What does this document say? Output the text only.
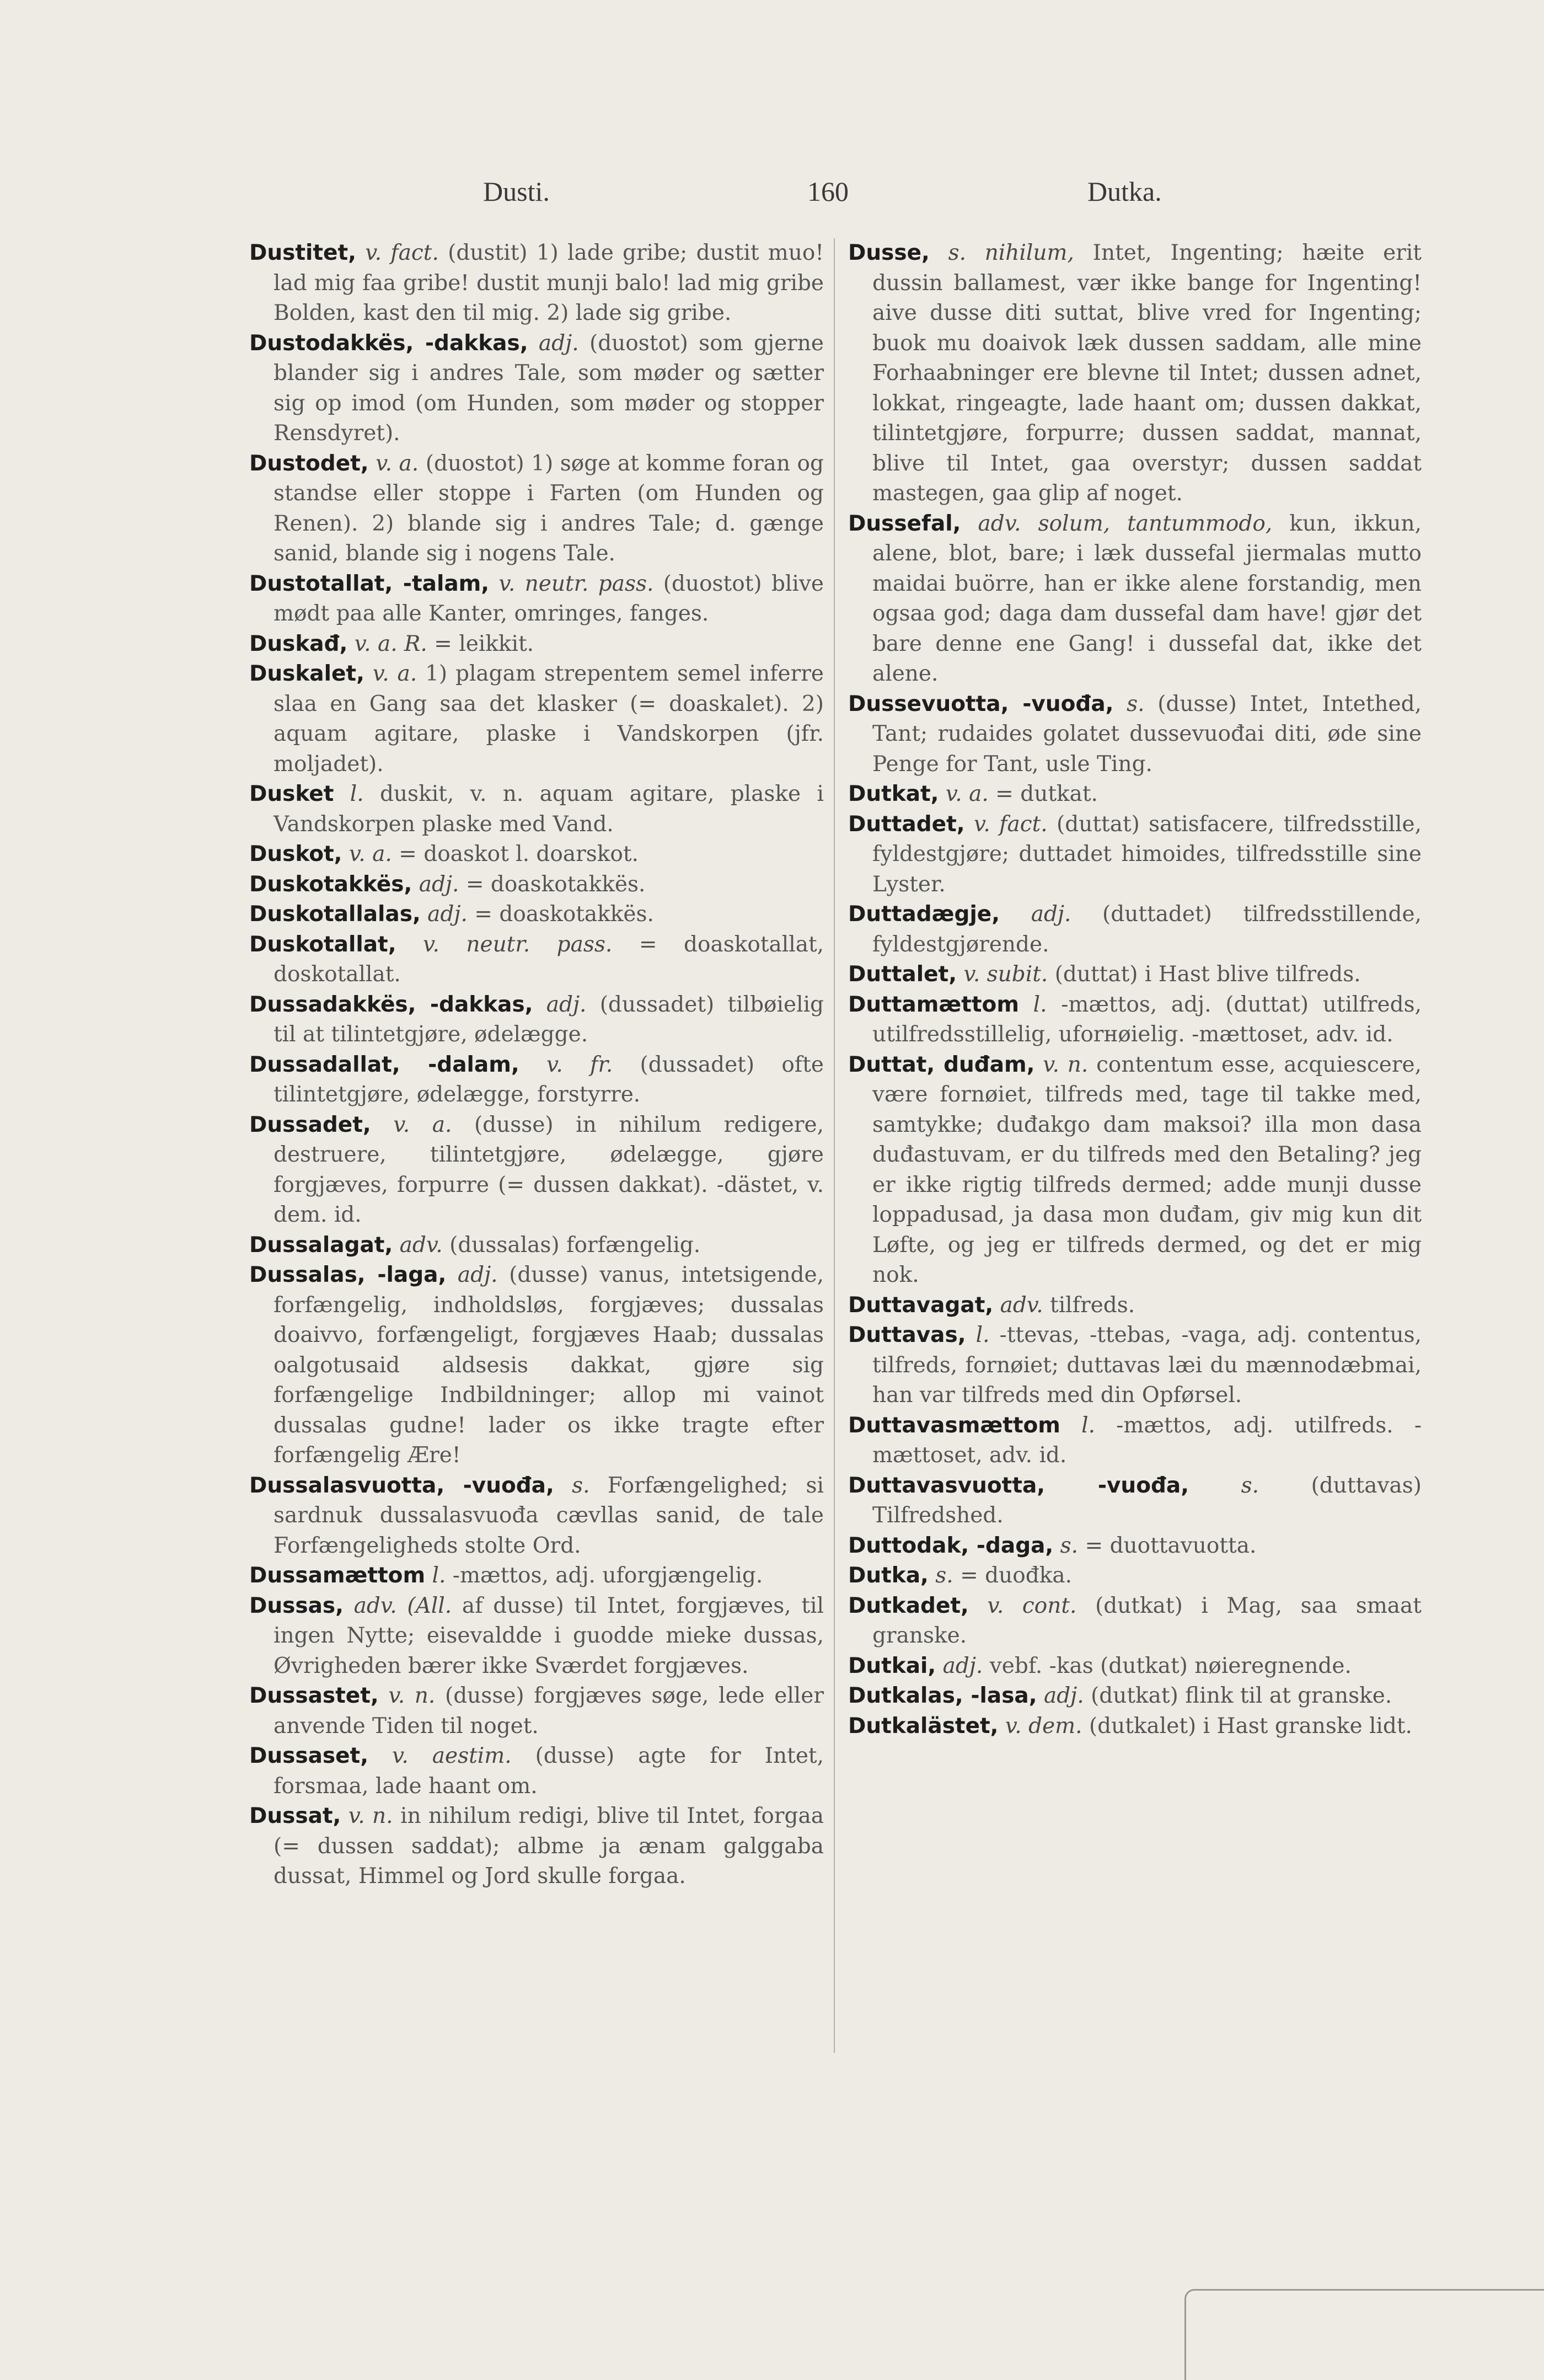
Dusti.	160	Dutka.

Dustitet, v. fact. (dustit) 1) lade gribe; dustit muo! lad mig faa gribe! dustit munji balo! lad mig gribe Bolden, kast den til mig. 2) lade sig gribe.

Dustodakkës, -dakkas, adj. (duostot) som gjerne blander sig i andres Tale, som møder og sætter sig op imod (om Hunden, som møder og stopper Rensdyret).

Dustodet, v. a. (duostot) 1) søge at komme foran og standse eller stoppe i Farten (om Hunden og Renen). 2) blande sig i andres Tale; d. gænge sanid, blande sig i nogens Tale.

Dustotallat, -talam, v. neutr. pass. (duostot) blive mødt paa alle Kanter, omringes, fanges.

Duskađ, v. a. R. = leikkit.

Duskalet, v. a. 1) plagam strepentem semel inferre slaa en Gang saa det klasker (= doaskalet). 2) aquam agitare, plaske i Vandskorpen (jfr. moljadet).

Dusket l. duskit, v. n. aquam agitare, plaske i Vandskorpen plaske med Vand.

Duskot, v. a. = doaskot l. doarskot.

Duskotakkës, adj. = doaskotakkës.

Duskotallalas, adj. = doaskotakkës.

Duskotallat, v. neutr. pass. = doaskotallat, doskotallat.

Dussadakkës, -dakkas, adj. (dussadet) tilbøielig til at tilintetgjøre, ødelægge.

Dussadallat, -dalam, v. fr. (dussadet) ofte tilintetgjøre, ødelægge, forstyrre.

Dussadet, v. a. (dusse) in nihilum redigere, destruere, tilintetgjøre, ødelægge, gjøre forgjæves, forpurre (= dussen dakkat). -dästet, v. dem. id.

Dussalagat, adv. (dussalas) forfængelig.

Dussalas, -laga, adj. (dusse) vanus, intetsigende, forfængelig, indholdsløs, forgjæves; dussalas doaivvo, forfængeligt, forgjæves Haab; dussalas oalgotusaid aldsesis dakkat, gjøre sig forfængelige Indbildninger; allop mi vainot dussalas gudne! lader os ikke tragte efter forfængelig Ære!

Dussalasvuotta, -vuođa, s. Forfængelighed; si sardnuk dussalasvuođa cævllas sanid, de tale Forfængeligheds stolte Ord.

Dussamættom l. -mættos, adj. uforgjængelig.

Dussas, adv. (All. af dusse) til Intet, forgjæves, til ingen Nytte; eisevaldde i guodde mieke dussas, Øvrigheden bærer ikke Sværdet forgjæves.

Dussastet, v. n. (dusse) forgjæves søge, lede eller anvende Tiden til noget.

Dussaset, v. aestim. (dusse) agte for Intet, forsmaa, lade haant om.

Dussat, v. n. in nihilum redigi, blive til Intet, forgaa (= dussen saddat); albme ja ænam galggaba dussat, Himmel og Jord skulle forgaa.

Dusse, s. nihilum, Intet, Ingenting; hæite erit dussin ballamest, vær ikke bange for Ingenting! aive dusse diti suttat, blive vred for Ingenting; buok mu doaivok læk dussen saddam, alle mine Forhaabninger ere blevne til Intet; dussen adnet, lokkat, ringeagte, lade haant om; dussen dakkat, tilintetgjøre, forpurre; dussen saddat, mannat, blive til Intet, gaa overstyr; dussen saddat mastegen, gaa glip af noget.

Dussefal, adv. solum, tantummodo, kun, ikkun, alene, blot, bare; i læk dussefal jiermalas mutto maidai buörre, han er ikke alene forstandig, men ogsaa god; daga dam dussefal dam have! gjør det bare denne ene Gang! i dussefal dat, ikke det alene.

Dussevuotta, -vuođa, s. (dusse) Intet, Intethed, Tant; rudaides golatet dussevuođai diti, øde sine Penge for Tant, usle Ting.

Dutkat, v. a. = dutkat.

Duttadet, v. fact. (duttat) satisfacere, tilfredsstille, fyldestgjøre; duttadet himoides, tilfredsstille sine Lyster.

Duttadægje, adj. (duttadet) tilfredsstillende, fyldestgjørende.

Duttalet, v. subit. (duttat) i Hast blive tilfreds.

Duttamættom l. -mættos, adj. (duttat) utilfreds, utilfredsstillelig, uforнøielig. -mættoset, adv. id.

Duttat, duđam, v. n. contentum esse, acquiescere, være fornøiet, tilfreds med, tage til takke med, samtykke; duđakgo dam maksoi? illa mon dasa duđastuvam, er du tilfreds med den Betaling? jeg er ikke rigtig tilfreds dermed; adde munji dusse loppadusad, ja dasa mon duđam, giv mig kun dit Løfte, og jeg er tilfreds dermed, og det er mig nok.

Duttavagat, adv. tilfreds.

Duttavas, l. -ttevas, -ttebas, -vaga, adj. contentus, tilfreds, fornøiet; duttavas læi du mænnodæbmai, han var tilfreds med din Opførsel.

Duttavasmættom l. -mættos, adj. utilfreds. -mættoset, adv. id.

Duttavasvuotta, -vuođa, s. (duttavas) Tilfredshed.

Duttodak, -daga, s. = duottavuotta.

Dutka, s. = duođka.

Dutkadet, v. cont. (dutkat) i Mag, saa smaat granske.

Dutkai, adj. vebf. -kas (dutkat) nøieregnende.

Dutkalas, -lasa, adj. (dutkat) flink til at granske.

Dutkalästet, v. dem. (dutkalet) i Hast granske lidt.
